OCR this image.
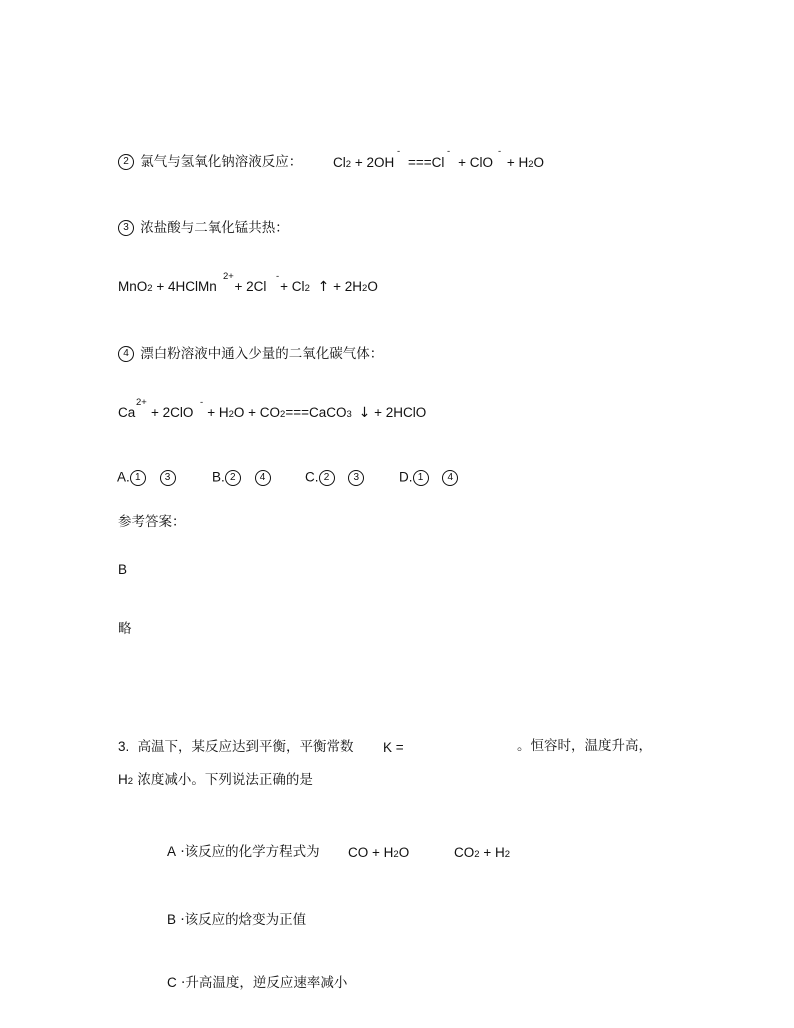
2 氯气与氢氧化钠溶液反应： Cl2 + 2OH ===Cl + ClO + H2O
-	-	-
3 浓盐酸与二氧化锰共热：
MnO2 + 4HClMn + 2Cl + Cl2 ↑ + 2H2O
2+	-
4 漂白粉溶液中通入少量的二氧化碳气体：
Ca + 2ClO + H2O + CO2===CaCO3 ↓ + 2HClO
2+	-
A. 1 3	B. 2 4	C. 2 3	D. 1 4
参考答案：
B
略
3. 高温下，某反应达到平衡，平衡常数 K =	。恒容时，温度升高，
H2 浓度减小。下列说法正确的是
A ·该反应的化学方程式为 CO + H2O	CO2 + H2
B ·该反应的焓变为正值
C ·升高温度，逆反应速率减小
